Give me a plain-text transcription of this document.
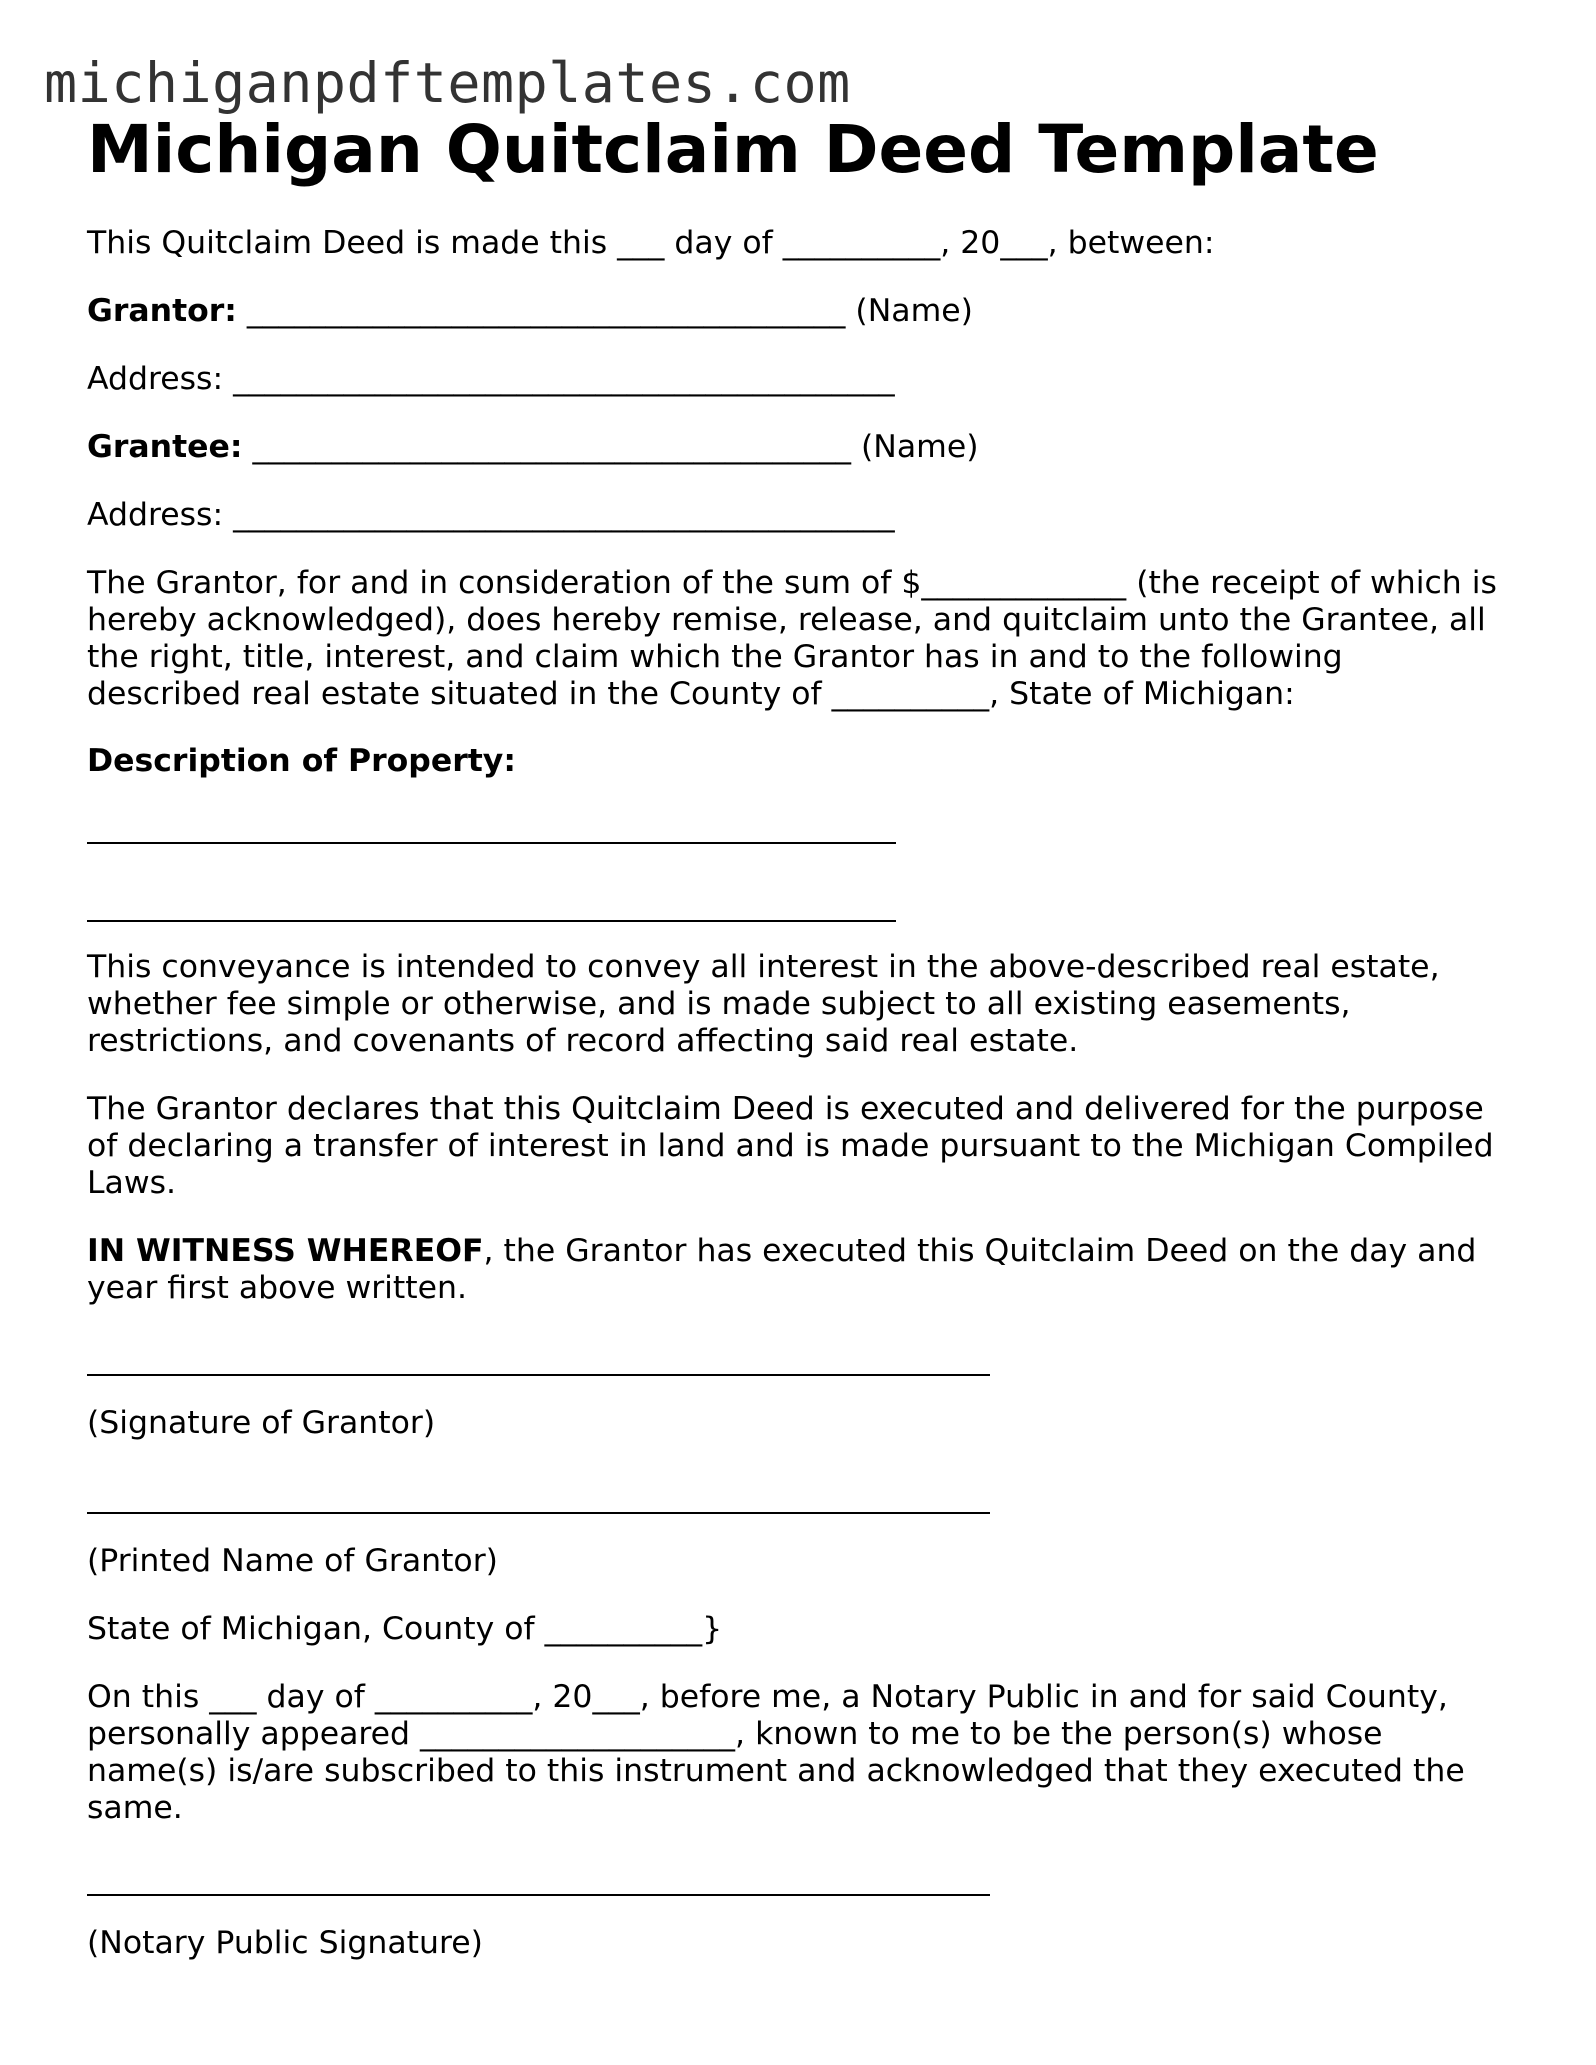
michiganpdftemplates.com
Michigan Quitclaim Deed Template

This Quitclaim Deed is made this ___ day of __________, 20___, between:

Grantor: ______________________________________ (Name)

Address: __________________________________________

Grantee: ______________________________________ (Name)

Address: __________________________________________

The Grantor, for and in consideration of the sum of $_____________ (the receipt of which is hereby acknowledged), does hereby remise, release, and quitclaim unto the Grantee, all the right, title, interest, and claim which the Grantor has in and to the following described real estate situated in the County of __________, State of Michigan:

Description of Property:

This conveyance is intended to convey all interest in the above-described real estate, whether fee simple or otherwise, and is made subject to all existing easements, restrictions, and covenants of record affecting said real estate.

The Grantor declares that this Quitclaim Deed is executed and delivered for the purpose of declaring a transfer of interest in land and is made pursuant to the Michigan Compiled Laws.

IN WITNESS WHEREOF, the Grantor has executed this Quitclaim Deed on the day and year first above written.

(Signature of Grantor)

(Printed Name of Grantor)

State of Michigan, County of __________}

On this ___ day of __________, 20___, before me, a Notary Public in and for said County, personally appeared ____________________, known to me to be the person(s) whose name(s) is/are subscribed to this instrument and acknowledged that they executed the same.

(Notary Public Signature)
